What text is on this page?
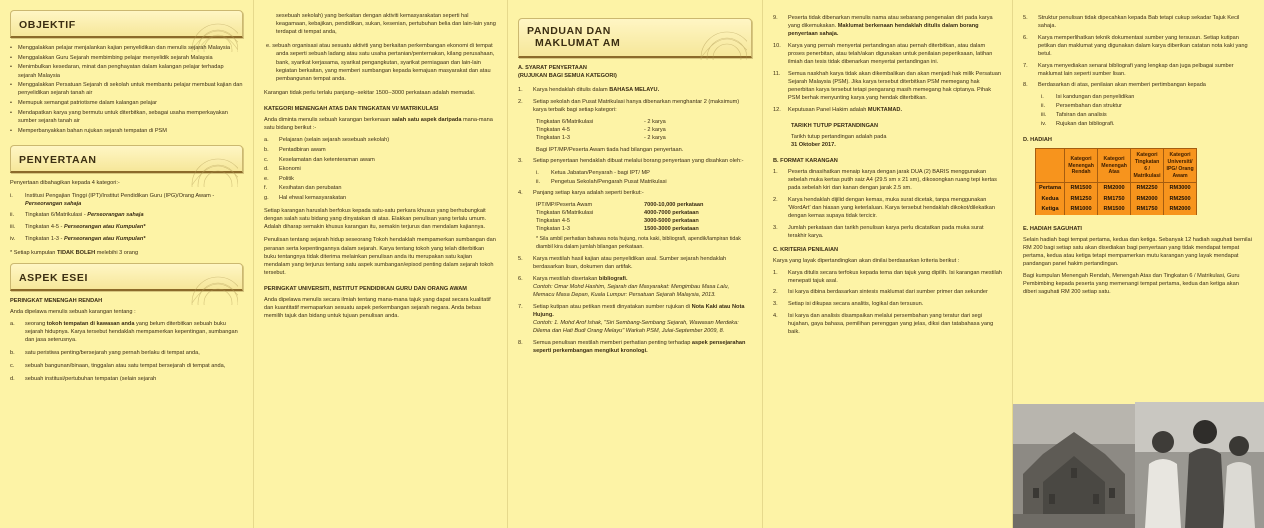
OBJEKTIF
• Menggalakkan pelajar menjalankan kajian penyelidikan dan menulis sejarah Malaysia
• Menggalakkan Guru Sejarah membimbing pelajar menyelidik sejarah Malaysia
• Menimbulkan kesedaran, minat dan penghayatan dalam kalangan pelajar terhadap sejarah Malaysia
• Menggalakkan Persatuan Sejarah di sekolah untuk membantu pelajar membuat kajian dan penyelidikan sejarah tanah air
• Memupuk semangat patriotisme dalam kalangan pelajar
• Mendapatkan karya yang bermutu untuk diterbitkan, sebagai usaha memperkayakan sumber sejarah tanah air
• Memperbanyakkan bahan rujukan sejarah tempatan di PSM
PENYERTAAN

Penyertaan dibahagikan kepada 4 kategori:-

i.	Institusi Pengajian Tinggi (IPT)/Institut Pendidikan Guru (IPG)/Orang Awam - Perseorangan sahaja
ii.	Tingkatan 6/Matrikulasi - Perseorangan sahaja
iii.	Tingkatan 4-5 - Perseorangan atau Kumpulan*
iv.	Tingkatan 1-3 - Perseorangan atau Kumpulan*

* Setiap kumpulan TIDAK BOLEH melebihi 3 orang

ASPEK ESEI
PERINGKAT MENENGAH RENDAH

Anda dipelawa menulis sebuah karangan tentang :

a.	seorang tokoh tempatan di kawasan anda yang belum diterbitkan sebuah buku sejarah hidupnya. Karya tersebut hendaklah mempamerkan kepentingan, sumbangan dan jasa seterusnya.
b.	satu peristiwa penting/bersejarah yang pernah berlaku di tempat anda,
c.	sebuah bangunan/binaan, tinggalan atau satu tempat bersejarah di tempat anda,
d.	sebuah institusi/pertubuhan tempatan (selain sejarah

sesebuah sekolah) yang berkaitan dengan aktiviti kemasyarakatan seperti hal keagamaan, kebajikan, pendidikan, sukan, kesenian, pertubuhan belia dan lain-lain yang terdapat di tempat anda,

e. sebuah organisasi atau sesuatu aktiviti yang berkaitan perkembangan ekonomi di tempat anda seperti sebuah ladang atau satu usaha pertanian/penternakan, kilang perusahaan, bank, syarikat kerjasama, syarikat pengangkutan, syarikat perniagaan dan lain-lain kegiatan berkaitan, yang memberi sumbangan kepada kemajuan masyarakat dan atau pembangunan tempat anda.

Karangan tidak perlu terlalu panjang--sekitar 1500--3000 perkataan adalah memadai.

KATEGORI MENENGAH ATAS DAN TINGKATAN VI/ MATRIKULASI

Anda diminta menulis sebuah karangan berkenaan salah satu aspek daripada mana-mana satu bidang berikut :-

a.	Pelajaran (selain sejarah sesebuah sekolah)
b.	Pentadbiran awam
c.	Keselamatan dan ketenteraman awam
d.	Ekonomi
e.	Politik
f.	Kesihatan dan perubatan
g.	Hal ehwal kemasyarakatan

Setiap karangan haruslah berfokus kepada satu-satu perkara khusus yang berhubungkait dengan salah satu bidang yang dinyatakan di atas. Elakkan penulisan yang terlalu umum. Adalah diharap semakin khusus karangan itu, semakin terjurus dan mendalam kajiannya.

Penulisan tentang sejarah hidup seseorang Tokoh hendaklah mempamerkan sumbangan dan peranan serta kepentingannya dalam sejarah. Karya tentang tokoh yang telah diterbitkan buku tentangnya tidak diterima melainkan penulisan anda itu merupakan satu kajian mendalam yang terjurus tentang satu aspek sumbangan/episod penting dalam sejarah tokoh tersebut.

PERINGKAT UNIVERSITI, INSTITUT PENDIDIKAN GURU DAN ORANG AWAM

Anda dipelawa menulis secara ilmiah tentang mana-mana tajuk yang dapat secara kualitatif dan kuantitatif memaparkan sesuatu aspek perkembangan sejarah negara. Anda bebas memilih tajuk dan bidang untuk tujuan penulisan anda.

PANDUAN DAN
MAKLUMAT AM
A. SYARAT PENYERTAAN
(RUJUKAN BAGI SEMUA KATEGORI)
1.	Karya hendaklah ditulis dalam BAHASA MELAYU.
2.	Setiap sekolah dan Pusat Matrikulasi hanya dibenarkan menghantar 2 (maksimum) karya terbaik bagi setiap kategori:
Tingkatan 6/Matrikulasi	- 2 karya
Tingkatan 4-5	- 2 karya
Tingkatan 1-3	- 2 karya

Bagi IPT/MP/Peserta Awam tiada had bilangan penyertaan.

3.	Setiap penyertaan hendaklah dibuat melalui borang penyertaan yang disahkan oleh:-
i.	Ketua Jabatan/Penyarah - bagi IPT/ MP
ii.	Pengetua Sekolah/Pengarah Pusat Matrikulasi
4.	Panjang setiap karya adalah seperti berikut:-
IPT/MP/Peserta Awam	7000-10,000 perkataan
Tingkatan 6/Matrikulasi	4000-7000 perkataan
Tingkatan 4-5	3000-5000 perkataan
Tingkatan 1-3	1500-3000 perkataan

* Sila ambil perhatian bahawa nota hujung, nota kaki, bibliografi, apendik/lampiran tidak diambil kira dalam jumlah bilangan perkataan.

5.	Karya mestilah hasil kajian atau penyelidikan asal. Sumber sejarah hendaklah berdasarkan lisan, dokumen dan artifak.
6.	Karya mestilah disertakan bibliografi.
Contoh: Omar Mohd Hashim, Sejarah dan Masyarakat: Mengimbau Masa Lalu, Memacu Masa Depan, Kuala Lumpur: Persatuan Sejarah Malaysia, 2013.
7.	Setiap kutipan atau petikan mesti dinyatakan sumber rujukan di Nota Kaki atau Nota Hujung.
Contoh: 1. Mohd Arof Ishak, "Siri Sembang-Sembang Sejarah, Wawasan Merdeka: Dilema dan Hati Budi Orang Melayu" Warkah PSM, Julai-September 2009, 8.
8.	Semua penulisan mestilah memberi perhatian penting terhadap aspek pensejarahan seperti perkembangan mengikut kronologi.
9.	Peserta tidak dibenarkan menulis nama atau sebarang pengenalan diri pada karya yang dikemukakan. Maklumat berkenaan hendaklah ditulis dalam borang penyertaan sahaja.
10.	Karya yang pernah menyertai pertandingan atau pernah diterbitkan, atau dalam proses penerbitan, atau telah/akan digunakan untuk penilaian peperiksaan, latihan ilmiah dan tesis tidak dibenarkan menyertai pertandingan ini.
11.	Semua naskhah karya tidak akan dikembalikan dan akan menjadi hak milik Persatuan Sejarah Malaysia (PSM). Jika karya tersebut diterbitkan PSM memegang hak penerbitan karya tersebut tetapi pengarang masih memegang hak ciptanya. Pihak PSM berhak menyunting karya yang hendak diterbitkan.
12.	Keputusan Panel Hakim adalah MUKTAMAD.
TARIKH TUTUP PERTANDINGAN

Tarikh tutup pertandingan adalah pada
31 Oktober 2017.

B. FORMAT KARANGAN
1.	Peserta dinasihatkan menaip karya dengan jarak DUA (2) BARIS menggunakan sebelah muka kertas putih saiz A4 (29.5 sm x 21 sm), dikosongkan ruang tepi kertas pada sebelah kiri dan kanan dengan jarak 2.5 sm.
2.	Karya hendaklah dijilid dengan kemas, muka surat dicetak, tanpa menggunakan 'WordArt' dan hiasan yang keterlaluan. Karya tersebut hendaklah dikokot/dilekatkan dengan kemas supaya tidak tercicir.
3.	Jumlah perkataan dan tarikh penulisan karya perlu dicatatkan pada muka surat terakhir karya.
C. KRITERIA PENILAIAN

Karya yang layak dipertandingkan akan dinilai berdasarkan kriteria berikut :

1.	Karya ditulis secara terfokus kepada tema dan tajuk yang dipilih. Isi karangan mestilah menepati tajuk asal.
2.	Isi karya dibina berdasarkan sintesis maklumat dari sumber primer dan sekunder
3.	Setiap isi dikupas secara analitis, logikal dan tersusun.
4.	Isi karya dan analisis disampaikan melalui persembahan yang teratur dari segi hujahan, gaya bahasa, pemilihan perenggan yang jelas, diksi dan tatabahasa yang baik.
5.	Struktur penulisan tidak dipecahkan kepada Bab tetapi cukup sekadar Tajuk Kecil sahaja.
6.	Karya memperlihatkan teknik dokumentasi sumber yang tersusun. Setiap kutipan petikan dan maklumat yang digunakan dalam karya diberikan catatan nota kaki yang betul.
7.	Karya menyediakan senarai bibliografi yang lengkap dan juga pelbagai sumber maklumat lain seperti sumber lisan.
8.	Berdasarkan di atas, penilaian akan memberi pertimbangan kepada
i.	Isi kandungan dan penyelidikan
ii.	Persembahan dan struktur
iii.	Tafsiran dan analisis
iv.	Rujukan dan bibliografi.
D. HADIAH
	Kategori Menengah Rendah	Kategori Menengah Atas	Kategori Tingkatan 6 / Matrikulasi	Kategori Universiti/ IPG/ Orang Awam
Pertama	RM1500	RM2000	RM2250	RM3000
Kedua	RM1250	RM1750	RM2000	RM2500
Ketiga	RM1000	RM1500	RM1750	RM2000
E. HADIAH SAGUHATI

Selain hadiah bagi tempat pertama, kedua dan ketiga. Sebanyak 12 hadiah saguhati bernilai RM 200 bagi setiap satu akan disediakan bagi penyertaan yang tidak mendapat tempat pertama, kedua atau ketiga tetapi mempamerkan mutu karangan yang layak mendapat pandangan panel hakim pertandingan.

Bagi kumpulan Menengah Rendah, Menengah Atas dan Tingkatan 6 / Matrikulasi, Guru Pembimbing kepada peserta yang memenangi tempat pertama, kedua dan ketiga akan diberi saguhati RM 200 setiap satu.
